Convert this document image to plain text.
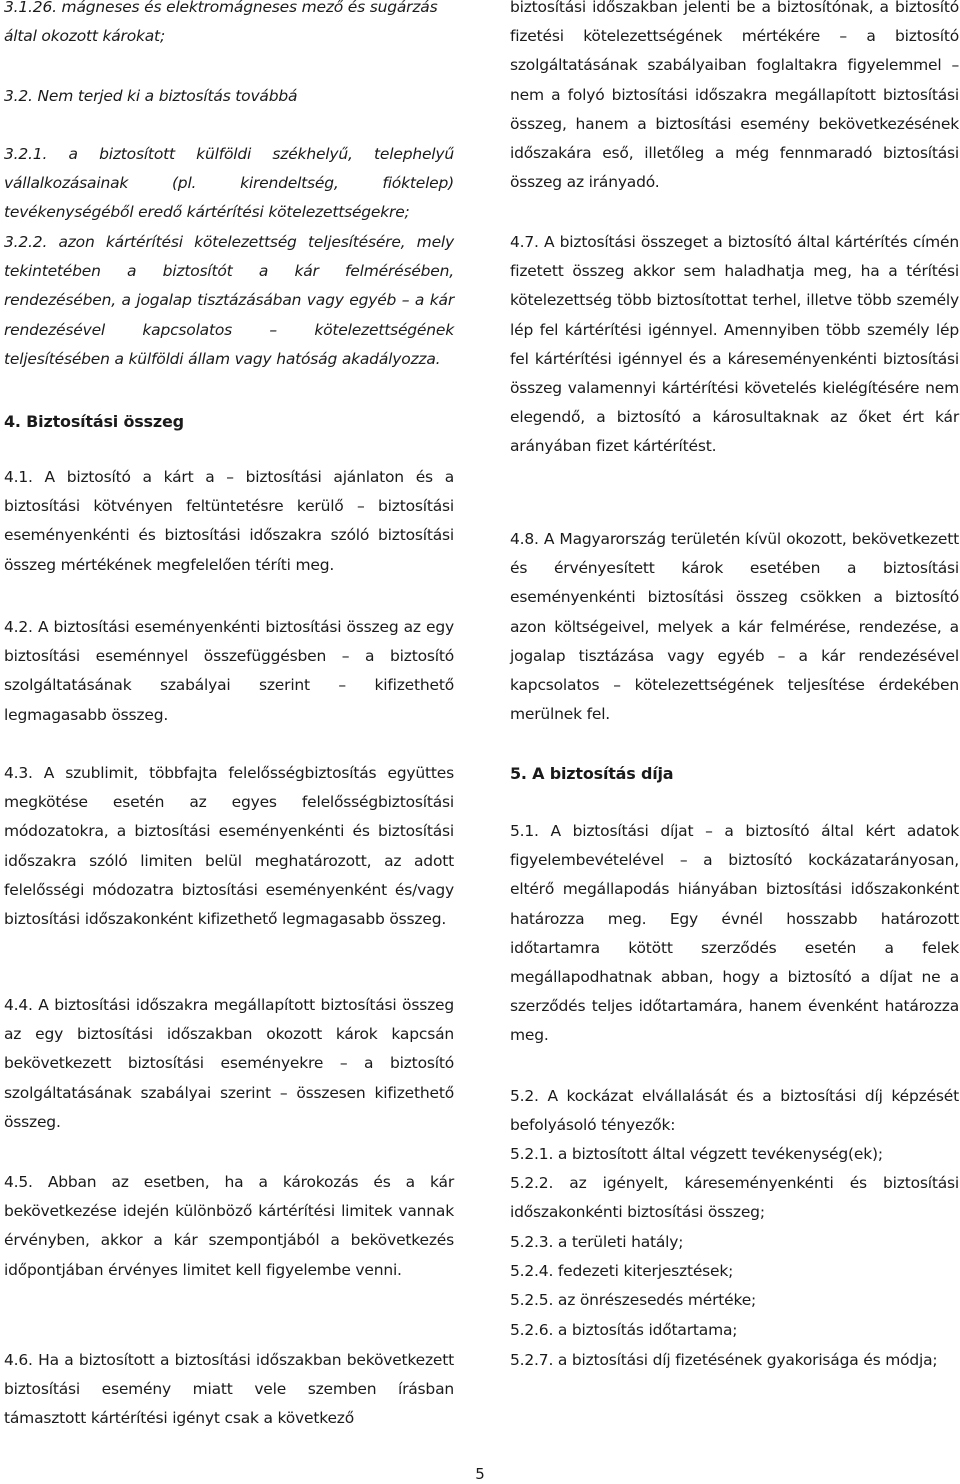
3.1.26. mágneses és elektromágneses mező és sugárzás által okozott károkat;

3.2. Nem terjed ki a biztosítás továbbá

3.2.1. a biztosított külföldi székhelyű, telephelyű vállalkozásainak (pl. kirendeltség, fióktelep) tevékenységéből eredő kártérítési kötelezettségekre;

3.2.2. azon kártérítési kötelezettség teljesítésére, mely tekintetében a biztosítót a kár felmérésében, rendezésében, a jogalap tisztázásában vagy egyéb – a kár rendezésével kapcsolatos – kötelezettségének teljesítésében a külföldi állam vagy hatóság akadályozza.

4. Biztosítási összeg

4.1. A biztosító a kárt a – biztosítási ajánlaton és a biztosítási kötvényen feltüntetésre kerülő – biztosítási eseményenkénti és biztosítási időszakra szóló biztosítási összeg mértékének megfelelően téríti meg.

4.2. A biztosítási eseményenkénti biztosítási összeg az egy biztosítási eseménnyel összefüggésben – a biztosító szolgáltatásának szabályai szerint – kifizethető legmagasabb összeg.

4.3. A szublimit, többfajta felelősségbiztosítás együttes megkötése esetén az egyes felelősségbiztosítási módozatokra, a biztosítási eseményenkénti és biztosítási időszakra szóló limiten belül meghatározott, az adott felelősségi módozatra biztosítási eseményenként és/vagy biztosítási időszakonként kifizethető legmagasabb összeg.

4.4. A biztosítási időszakra megállapított biztosítási összeg az egy biztosítási időszakban okozott károk kapcsán bekövetkezett biztosítási eseményekre – a biztosító szolgáltatásának szabályai szerint – összesen kifizethető összeg.

4.5. Abban az esetben, ha a károkozás és a kár bekövetkezése idején különböző kártérítési limitek vannak érvényben, akkor a kár szempontjából a bekövetkezés időpontjában érvényes limitet kell figyelembe venni.

4.6. Ha a biztosított a biztosítási időszakban bekövetkezett biztosítási esemény miatt vele szemben írásban támasztott kártérítési igényt csak a következő

biztosítási időszakban jelenti be a biztosítónak, a biztosító fizetési kötelezettségének mértékére – a biztosító szolgáltatásának szabályaiban foglaltakra figyelemmel – nem a folyó biztosítási időszakra megállapított biztosítási összeg, hanem a biztosítási esemény bekövetkezésének időszakára eső, illetőleg a még fennmaradó biztosítási összeg az irányadó.

4.7. A biztosítási összeget a biztosító által kártérítés címén fizetett összeg akkor sem haladhatja meg, ha a térítési kötelezettség több biztosítottat terhel, illetve több személy lép fel kártérítési igénnyel. Amennyiben több személy lép fel kártérítési igénnyel és a káreseményenkénti biztosítási összeg valamennyi kártérítési követelés kielégítésére nem elegendő, a biztosító a károsultaknak az őket ért kár arányában fizet kártérítést.

4.8. A Magyarország területén kívül okozott, bekövetkezett és érvényesített károk esetében a biztosítási eseményenkénti biztosítási összeg csökken a biztosító azon költségeivel, melyek a kár felmérése, rendezése, a jogalap tisztázása vagy egyéb – a kár rendezésével kapcsolatos – kötelezettségének teljesítése érdekében merülnek fel.

5. A biztosítás díja

5.1. A biztosítási díjat – a biztosító által kért adatok figyelembevételével – a biztosító kockázatarányosan, eltérő megállapodás hiányában biztosítási időszakonként határozza meg. Egy évnél hosszabb határozott időtartamra kötött szerződés esetén a felek megállapodhatnak abban, hogy a biztosító a díjat ne a szerződés teljes időtartamára, hanem évenként határozza meg.

5.2. A kockázat elvállalását és a biztosítási díj képzését befolyásoló tényezők:

5.2.1. a biztosított által végzett tevékenység(ek);

5.2.2. az igényelt, káreseményenkénti és biztosítási időszakonkénti biztosítási összeg;

5.2.3. a területi hatály;

5.2.4. fedezeti kiterjesztések;

5.2.5. az önrészesedés mértéke;

5.2.6. a biztosítás időtartama;

5.2.7. a biztosítási díj fizetésének gyakorisága és módja;

5
